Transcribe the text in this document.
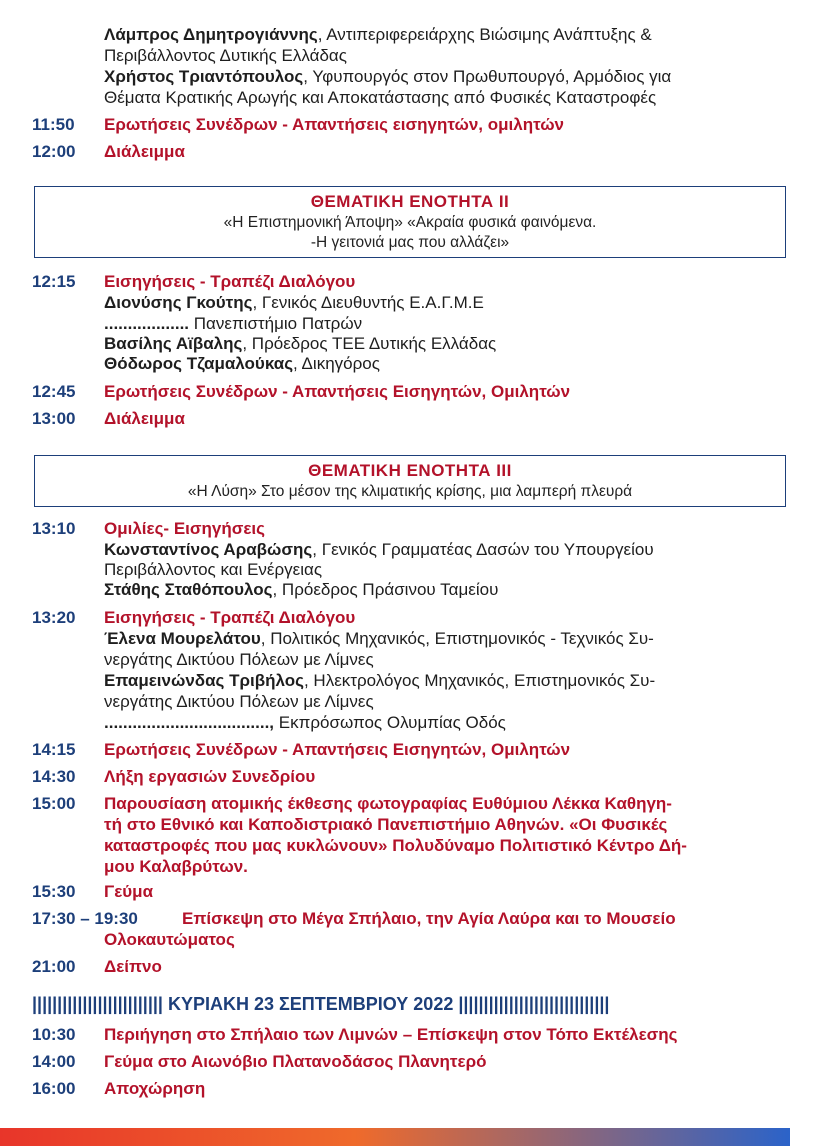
Λάμπρος Δημητρογιάννης, Αντιπεριφερειάρχης Βιώσιμης Ανάπτυξης &
Περιβάλλοντος Δυτικής Ελλάδας
Χρήστος Τριαντόπουλος, Υφυπουργός στον Πρωθυπουργό, Αρμόδιος για
Θέματα Κρατικής Αρωγής και Αποκατάστασης από Φυσικές Καταστροφές
11:50 Ερωτήσεις Συνέδρων - Απαντήσεις εισηγητών, ομιλητών
12:00 Διάλειμμα
ΘΕΜΑΤΙΚΗ ΕΝΟΤΗΤΑ ΙΙ
«Η Επιστημονική Άποψη» «Ακραία φυσικά φαινόμενα.
-Η γειτονιά μας που αλλάζει»
12:15 Εισηγήσεις - Τραπέζι Διαλόγου
Διονύσης Γκούτης, Γενικός Διευθυντής Ε.Α.Γ.Μ.Ε
.................. Πανεπιστήμιο Πατρών
Βασίλης Αϊβαλης, Πρόεδρος ΤΕΕ Δυτικής Ελλάδας
Θόδωρος Τζαμαλούκας, Δικηγόρος
12:45 Ερωτήσεις Συνέδρων - Απαντήσεις Εισηγητών, Ομιλητών
13:00 Διάλειμμα
ΘΕΜΑΤΙΚΗ ΕΝΟΤΗΤΑ ΙΙΙ
«Η Λύση» Στο μέσον της κλιματικής κρίσης, μια λαμπερή πλευρά
13:10 Ομιλίες- Εισηγήσεις
Κωνσταντίνος Αραβώσης, Γενικός Γραμματέας Δασών του Υπουργείου
Περιβάλλοντος και Ενέργειας
Στάθης Σταθόπουλος, Πρόεδρος Πράσινου Ταμείου
13:20 Εισηγήσεις - Τραπέζι Διαλόγου
Έλενα Μουρελάτου, Πολιτικός Μηχανικός, Επιστημονικός - Τεχνικός Συ-
νεργάτης Δικτύου Πόλεων με Λίμνες
Επαμεινώνδας Τριβήλος, Ηλεκτρολόγος Μηχανικός, Επιστημονικός Συ-
νεργάτης Δικτύου Πόλεων με Λίμνες
..................................., Εκπρόσωπος Ολυμπίας Οδός
14:15 Ερωτήσεις Συνέδρων - Απαντήσεις Εισηγητών, Ομιλητών
14:30 Λήξη εργασιών Συνεδρίου
15:00 Παρουσίαση ατομικής έκθεσης φωτογραφίας Ευθύμιου Λέκκα Καθηγη-
τή στο Εθνικό και Καποδιστριακό Πανεπιστήμιο Αθηνών. «Οι Φυσικές
καταστροφές που μας κυκλώνουν» Πολυδύναμο Πολιτιστικό Κέντρο Δή-
μου Καλαβρύτων.
15:30 Γεύμα
17:30 – 19:30	Επίσκεψη στο Μέγα Σπήλαιο, την Αγία Λαύρα και το Μουσείο
Ολοκαυτώματος
21:00 Δείπνο
|||||||||||||||||||||||||| ΚΥΡΙΑΚΗ 23 ΣΕΠΤΕΜΒΡΙΟΥ 2022 ||||||||||||||||||||||||||||||
10:30 Περιήγηση στο Σπήλαιο των Λιμνών – Επίσκεψη στον Τόπο Εκτέλεσης
14:00 Γεύμα στο Αιωνόβιο Πλατανοδάσος Πλανητερό
16:00 Αποχώρηση
